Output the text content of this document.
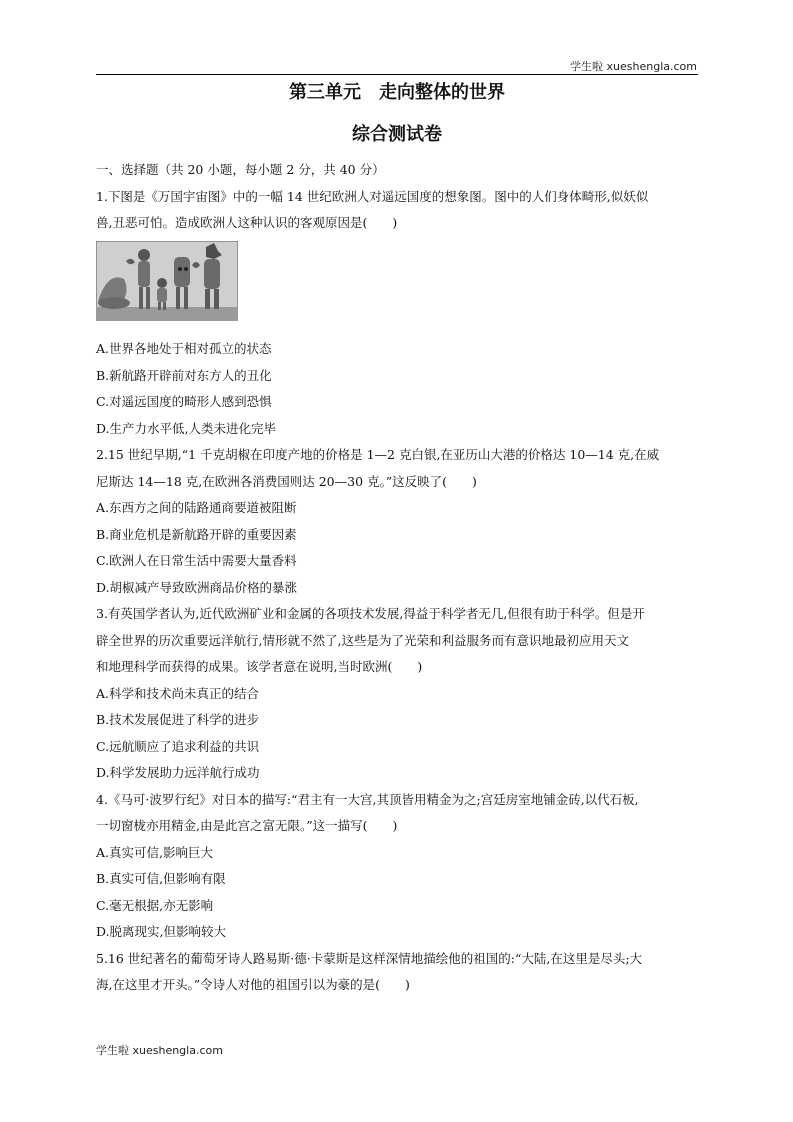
学生啦 xueshengla.com
第三单元　走向整体的世界
综合测试卷

一、选择题（共 20 小题，每小题 2 分，共 40 分）

1.下图是《万国宇宙图》中的一幅 14 世纪欧洲人对遥远国度的想象图。图中的人们身体畸形,似妖似

兽,丑恶可怕。造成欧洲人这种认识的客观原因是(　　)

A.世界各地处于相对孤立的状态

B.新航路开辟前对东方人的丑化

C.对遥远国度的畸形人感到恐惧

D.生产力水平低,人类未进化完毕

2.15 世纪早期,“1 千克胡椒在印度产地的价格是 1—2 克白银,在亚历山大港的价格达 10—14 克,在威

尼斯达 14—18 克,在欧洲各消费国则达 20—30 克。”这反映了(　　)

A.东西方之间的陆路通商要道被阻断

B.商业危机是新航路开辟的重要因素

C.欧洲人在日常生活中需要大量香料

D.胡椒减产导致欧洲商品价格的暴涨

3.有英国学者认为,近代欧洲矿业和金属的各项技术发展,得益于科学者无几,但很有助于科学。但是开

辟全世界的历次重要远洋航行,情形就不然了,这些是为了光荣和利益服务而有意识地最初应用天文

和地理科学而获得的成果。该学者意在说明,当时欧洲(　　)

A.科学和技术尚未真正的结合

B.技术发展促进了科学的进步

C.远航顺应了追求利益的共识

D.科学发展助力远洋航行成功

4.《马可·波罗行纪》对日本的描写:“君主有一大宫,其顶皆用精金为之;宫廷房室地铺金砖,以代石板,

一切窗栊亦用精金,由是此宫之富无限。”这一描写(　　)

A.真实可信,影响巨大

B.真实可信,但影响有限

C.毫无根据,亦无影响

D.脱离现实,但影响较大

5.16 世纪著名的葡萄牙诗人路易斯·德·卡蒙斯是这样深情地描绘他的祖国的:“大陆,在这里是尽头;大

海,在这里才开头。”令诗人对他的祖国引以为豪的是(　　)

学生啦 xueshengla.com
